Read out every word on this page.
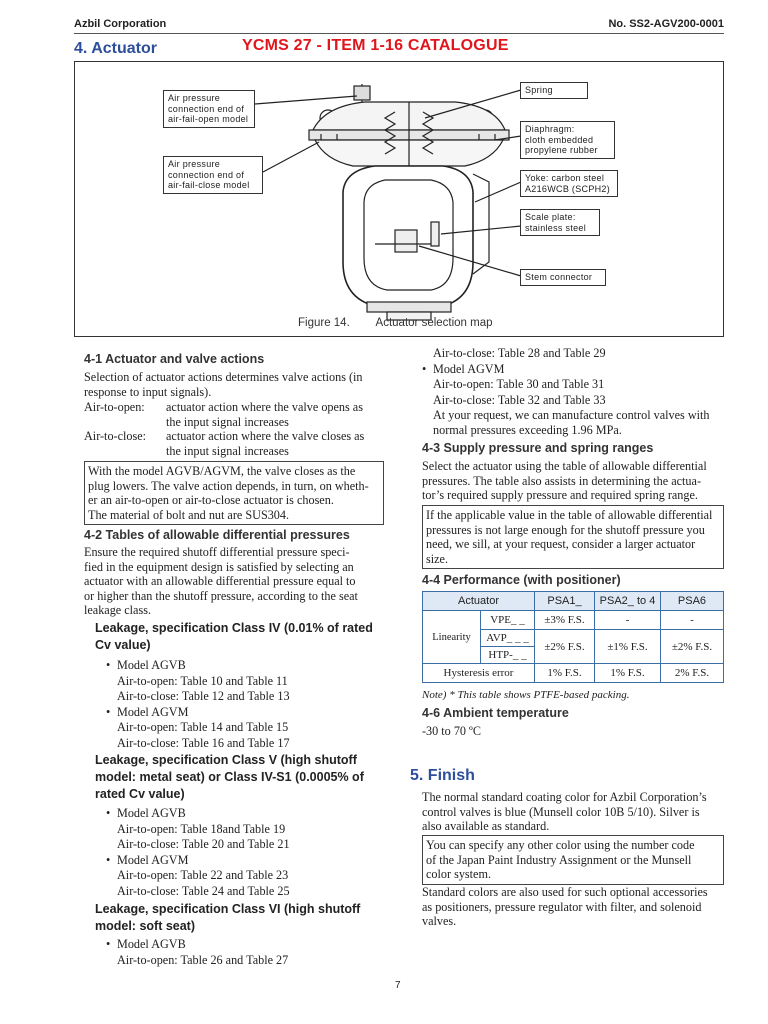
Azbil Corporation	No. SS2-AGV200-0001
4. Actuator	YCMS 27 - ITEM 1-16 CATALOGUE
Air pressure
connection end of
air-fail-open model
Air pressure
connection end of
air-fail-close model
Spring
Diaphragm:
cloth embedded
propylene rubber
Yoke: carbon steel
A216WCB (SCPH2)
Scale plate:
stainless steel
Stem connector
Figure 14. Actuator selection map
4-1 Actuator and valve actions
Selection of actuator actions determines valve actions (in
response to input signals).
Air-to-open: actuator action where the valve opens as
the input signal increases
Air-to-close: actuator action where the valve closes as
the input signal increases
With the model AGVB/AGVM, the valve closes as the
plug lowers. The valve action depends, in turn, on wheth-
er an air-to-open or air-to-close actuator is chosen.
The material of bolt and nut are SUS304.
4-2 Tables of allowable differential pressures
Ensure the required shutoff differential pressure speci-
fied in the equipment design is satisfied by selecting an
actuator with an allowable differential pressure equal to
or higher than the shutoff pressure, according to the seat
leakage class.
Leakage, specification Class IV (0.01% of rated
Cv value)
• Model AGVB
Air-to-open: Table 10 and Table 11
Air-to-close: Table 12 and Table 13
• Model AGVM
Air-to-open: Table 14 and Table 15
Air-to-close: Table 16 and Table 17
Leakage, specification Class V (high shutoff
model: metal seat) or Class IV-S1 (0.0005% of
rated Cv value)
• Model AGVB
Air-to-open: Table 18and Table 19
Air-to-close: Table 20 and Table 21
• Model AGVM
Air-to-open: Table 22 and Table 23
Air-to-close: Table 24 and Table 25
Leakage, specification Class VI (high shutoff
model: soft seat)
• Model AGVB
Air-to-open: Table 26 and Table 27
Air-to-close: Table 28 and Table 29
• Model AGVM
Air-to-open: Table 30 and Table 31
Air-to-close: Table 32 and Table 33
At your request, we can manufacture control valves with
normal pressures exceeding 1.96 MPa.
4-3 Supply pressure and spring ranges
Select the actuator using the table of allowable differential
pressures. The table also assists in determining the actua-
tor’s required supply pressure and required spring range.
If the applicable value in the table of allowable differential
pressures is not large enough for the shutoff pressure you
need, we sill, at your request, consider a larger actuator
size.
4-4 Performance (with positioner)
Actuator		PSA1_	PSA2_ to 4	PSA6
Linearity	VPE_ _	±3% F.S.	-	-
	AVP_ _ _	±2% F.S.	±1% F.S.	±2% F.S.
	HTP-_ _			
Hysteresis error		1% F.S.	1% F.S.	2% F.S.
Note) * This table shows PTFE-based packing.
4-6 Ambient temperature
-30 to 70 ºC
5. Finish
The normal standard coating color for Azbil Corporation’s
control valves is blue (Munsell color 10B 5/10). Silver is
also available as standard.
You can specify any other color using the number code
of the Japan Paint Industry Assignment or the Munsell
color system.
Standard colors are also used for such optional accessories
as positioners, pressure regulator with filter, and solenoid
valves.
7
